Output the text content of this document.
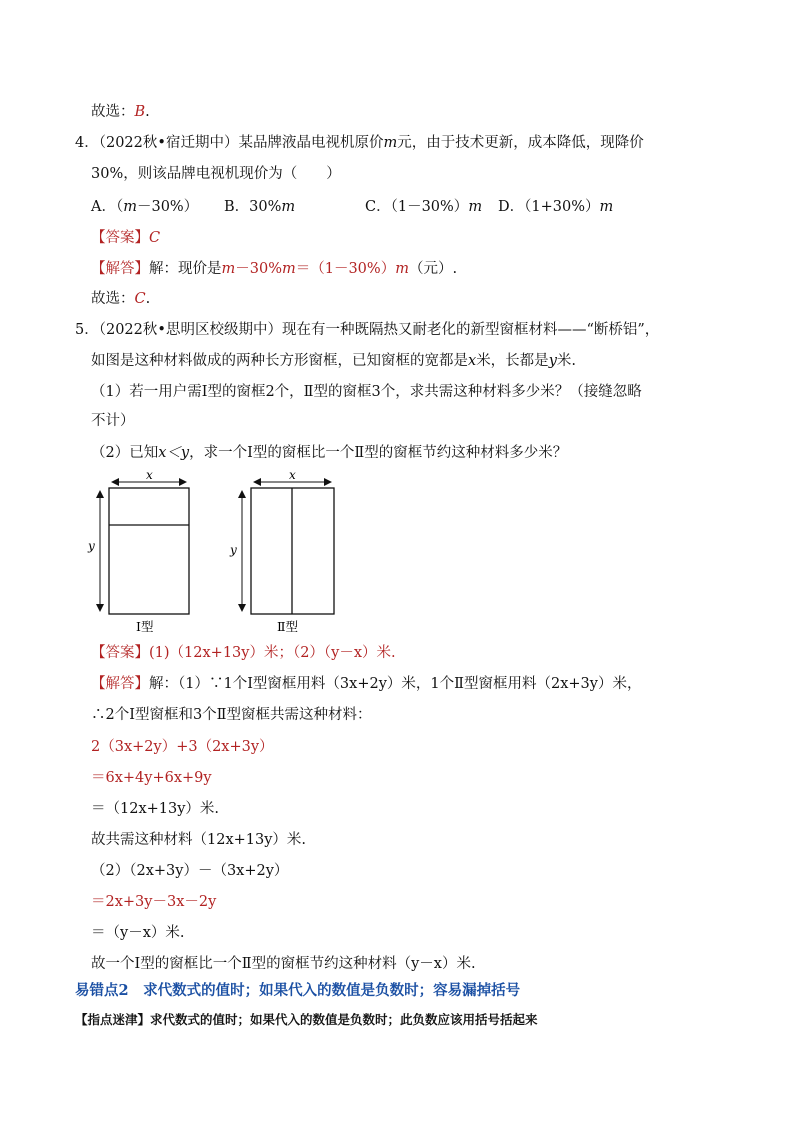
故选：B.
4．（2022秋•宿迁期中）某品牌液晶电视机原价m元，由于技术更新，成本降低，现降价
30%，则该品牌电视机现价为（　　）
A．（m－30%） B．30%m	C．（1－30%）m D．（1+30%）m
【答案】C
【解答】解：现价是m－30%m＝（1－30%）m（元）.
故选：C.
5．（2022秋•思明区校级期中）现在有一种既隔热又耐老化的新型窗框材料——“断桥铝”，
如图是这种材料做成的两种长方形窗框，已知窗框的宽都是x米，长都是y米.
（1）若一用户需Ⅰ型的窗框2个，Ⅱ型的窗框3个，求共需这种材料多少米？（接缝忽略
不计）
（2）已知x＜y，求一个Ⅰ型的窗框比一个Ⅱ型的窗框节约这种材料多少米？
x
y
Ⅰ型
x
y
Ⅱ型
【答案】(1)（12x+13y）米；（2）（y－x）米.
【解答】解：（1）∵1个Ⅰ型窗框用料（3x+2y）米，1个Ⅱ型窗框用料（2x+3y）米，
∴2个Ⅰ型窗框和3个Ⅱ型窗框共需这种材料：
2（3x+2y）+3（2x+3y）
＝6x+4y+6x+9y
＝（12x+13y）米.
故共需这种材料（12x+13y）米.
（2）（2x+3y）－（3x+2y）
＝2x+3y－3x－2y
＝（y－x）米.
故一个Ⅰ型的窗框比一个Ⅱ型的窗框节约这种材料（y－x）米.
易错点2　求代数式的值时；如果代入的数值是负数时；容易漏掉括号
【指点迷津】求代数式的值时；如果代入的数值是负数时；此负数应该用括号括起来
